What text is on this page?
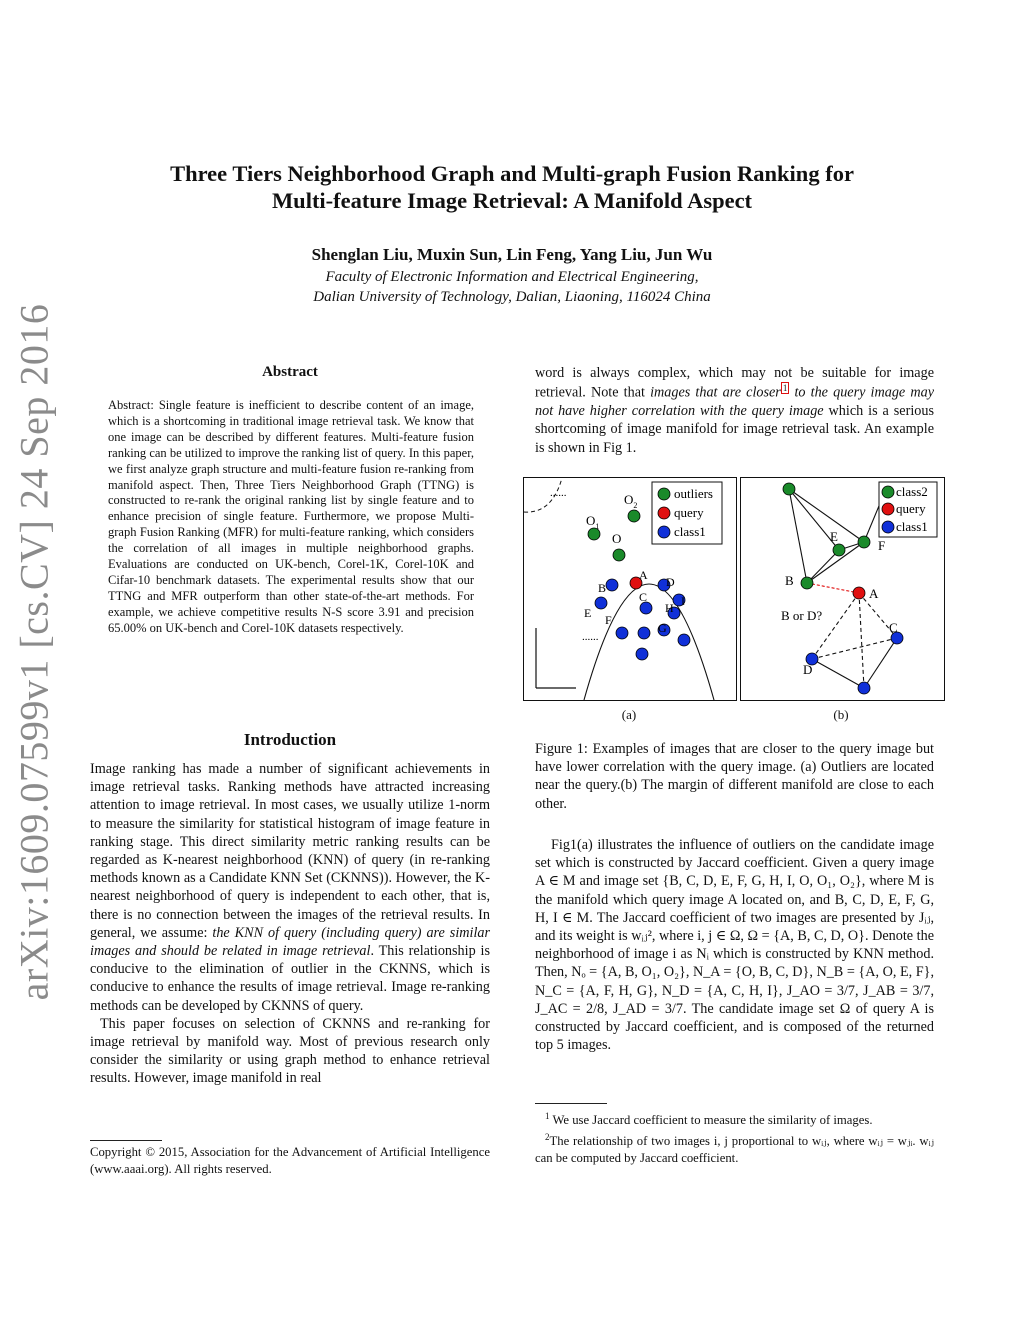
arXiv:1609.07599v1 [cs.CV] 24 Sep 2016
Three Tiers Neighborhood Graph and Multi-graph Fusion Ranking for
Multi-feature Image Retrieval: A Manifold Aspect
Shenglan Liu, Muxin Sun, Lin Feng, Yang Liu, Jun Wu
Faculty of Electronic Information and Electrical Engineering,
Dalian University of Technology, Dalian, Liaoning, 116024 China
Abstract
Abstract: Single feature is inefficient to describe content of an image, which is a shortcoming in traditional image retrieval task. We know that one image can be described by different features. Multi-feature fusion ranking can be utilized to improve the ranking list of query. In this paper, we first analyze graph structure and multi-feature fusion re-ranking from manifold aspect. Then, Three Tiers Neighborhood Graph (TTNG) is constructed to re-rank the original ranking list by single feature and to enhance precision of single feature. Furthermore, we propose Multi-graph Fusion Ranking (MFR) for multi-feature ranking, which considers the correlation of all images in multiple neighborhood graphs. Evaluations are conducted on UK-bench, Corel-1K, Corel-10K and Cifar-10 benchmark datasets. The experimental results show that our TTNG and MFR outperform than other state-of-the-art methods. For example, we achieve competitive results N-S score 3.91 and precision 65.00% on UK-bench and Corel-10K datasets respectively.
Introduction

Image ranking has made a number of significant achievements in image retrieval tasks. Ranking methods have attracted increasing attention to image retrieval. In most cases, we usually utilize 1-norm to measure the similarity for statistical histogram of image feature in ranking stage. This direct similarity metric ranking results can be regarded as K-nearest neighborhood (KNN) of query (in re-ranking methods known as a Candidate KNN Set (CKNNS)). However, the K-nearest neighborhood of query is independent to each other, that is, there is no connection between the images of the retrieval results. In general, we assume: the KNN of query (including query) are similar images and should be related in image retrieval. This relationship is conducive to the elimination of outlier in the CKNNS, which is conducive to enhance the results of image retrieval. Image re-ranking methods can be developed by CKNNS of query.

This paper focuses on selection of CKNNS and re-ranking for image retrieval by manifold way. Most of previous research only consider the similarity or using graph method to enhance retrieval results. However, image manifold in real

Copyright © 2015, Association for the Advancement of Artificial Intelligence (www.aaai.org). All rights reserved.

word is always complex, which may not be suitable for image retrieval. Note that images that are closer 1 to the query image may not have higher correlation with the query image which is a serious shortcoming of image manifold for image retrieval task. An example is shown in Fig 1.

......
......
$O_1$
$O_2$
O
A
B
E
D
C	I
H
F
G
outliers
query
class1
(a)
E
F
B
A
C
D
B or D?
class2
query
class1
(b)
Figure 1: Examples of images that are closer to the query image but have lower correlation with the query image. (a) Outliers are located near the query.(b) The margin of different manifold are close to each other.

Fig1(a) illustrates the influence of outliers on the candidate image set which is constructed by Jaccard coefficient. Given a query image A ∈ M and image set {B, C, D, E, F, G, H, I, O, O₁, O₂}, where M is the manifold which query image A located on, and B, C, D, E, F, G, H, I ∈ M. The Jaccard coefficient of two images are presented by Jᵢⱼ, and its weight is wᵢⱼ², where i, j ∈ Ω, Ω = {A, B, C, D, O}. Denote the neighborhood of image i as Nᵢ which is constructed by KNN method. Then, Nₒ = {A, B, O₁, O₂}, N_A = {O, B, C, D}, N_B = {A, O, E, F}, N_C = {A, F, H, G}, N_D = {A, C, H, I}, J_AO = 3/7, J_AB = 3/7, J_AC = 2/8, J_AD = 3/7. The candidate image set Ω of query A is constructed by Jaccard coefficient, and is composed of the returned top 5 images.

$^1$ We use Jaccard coefficient to measure the similarity of images.

$^2$The relationship of two images i, j proportional to wᵢⱼ, where wᵢⱼ = wⱼᵢ. wᵢⱼ can be computed by Jaccard coefficient.
